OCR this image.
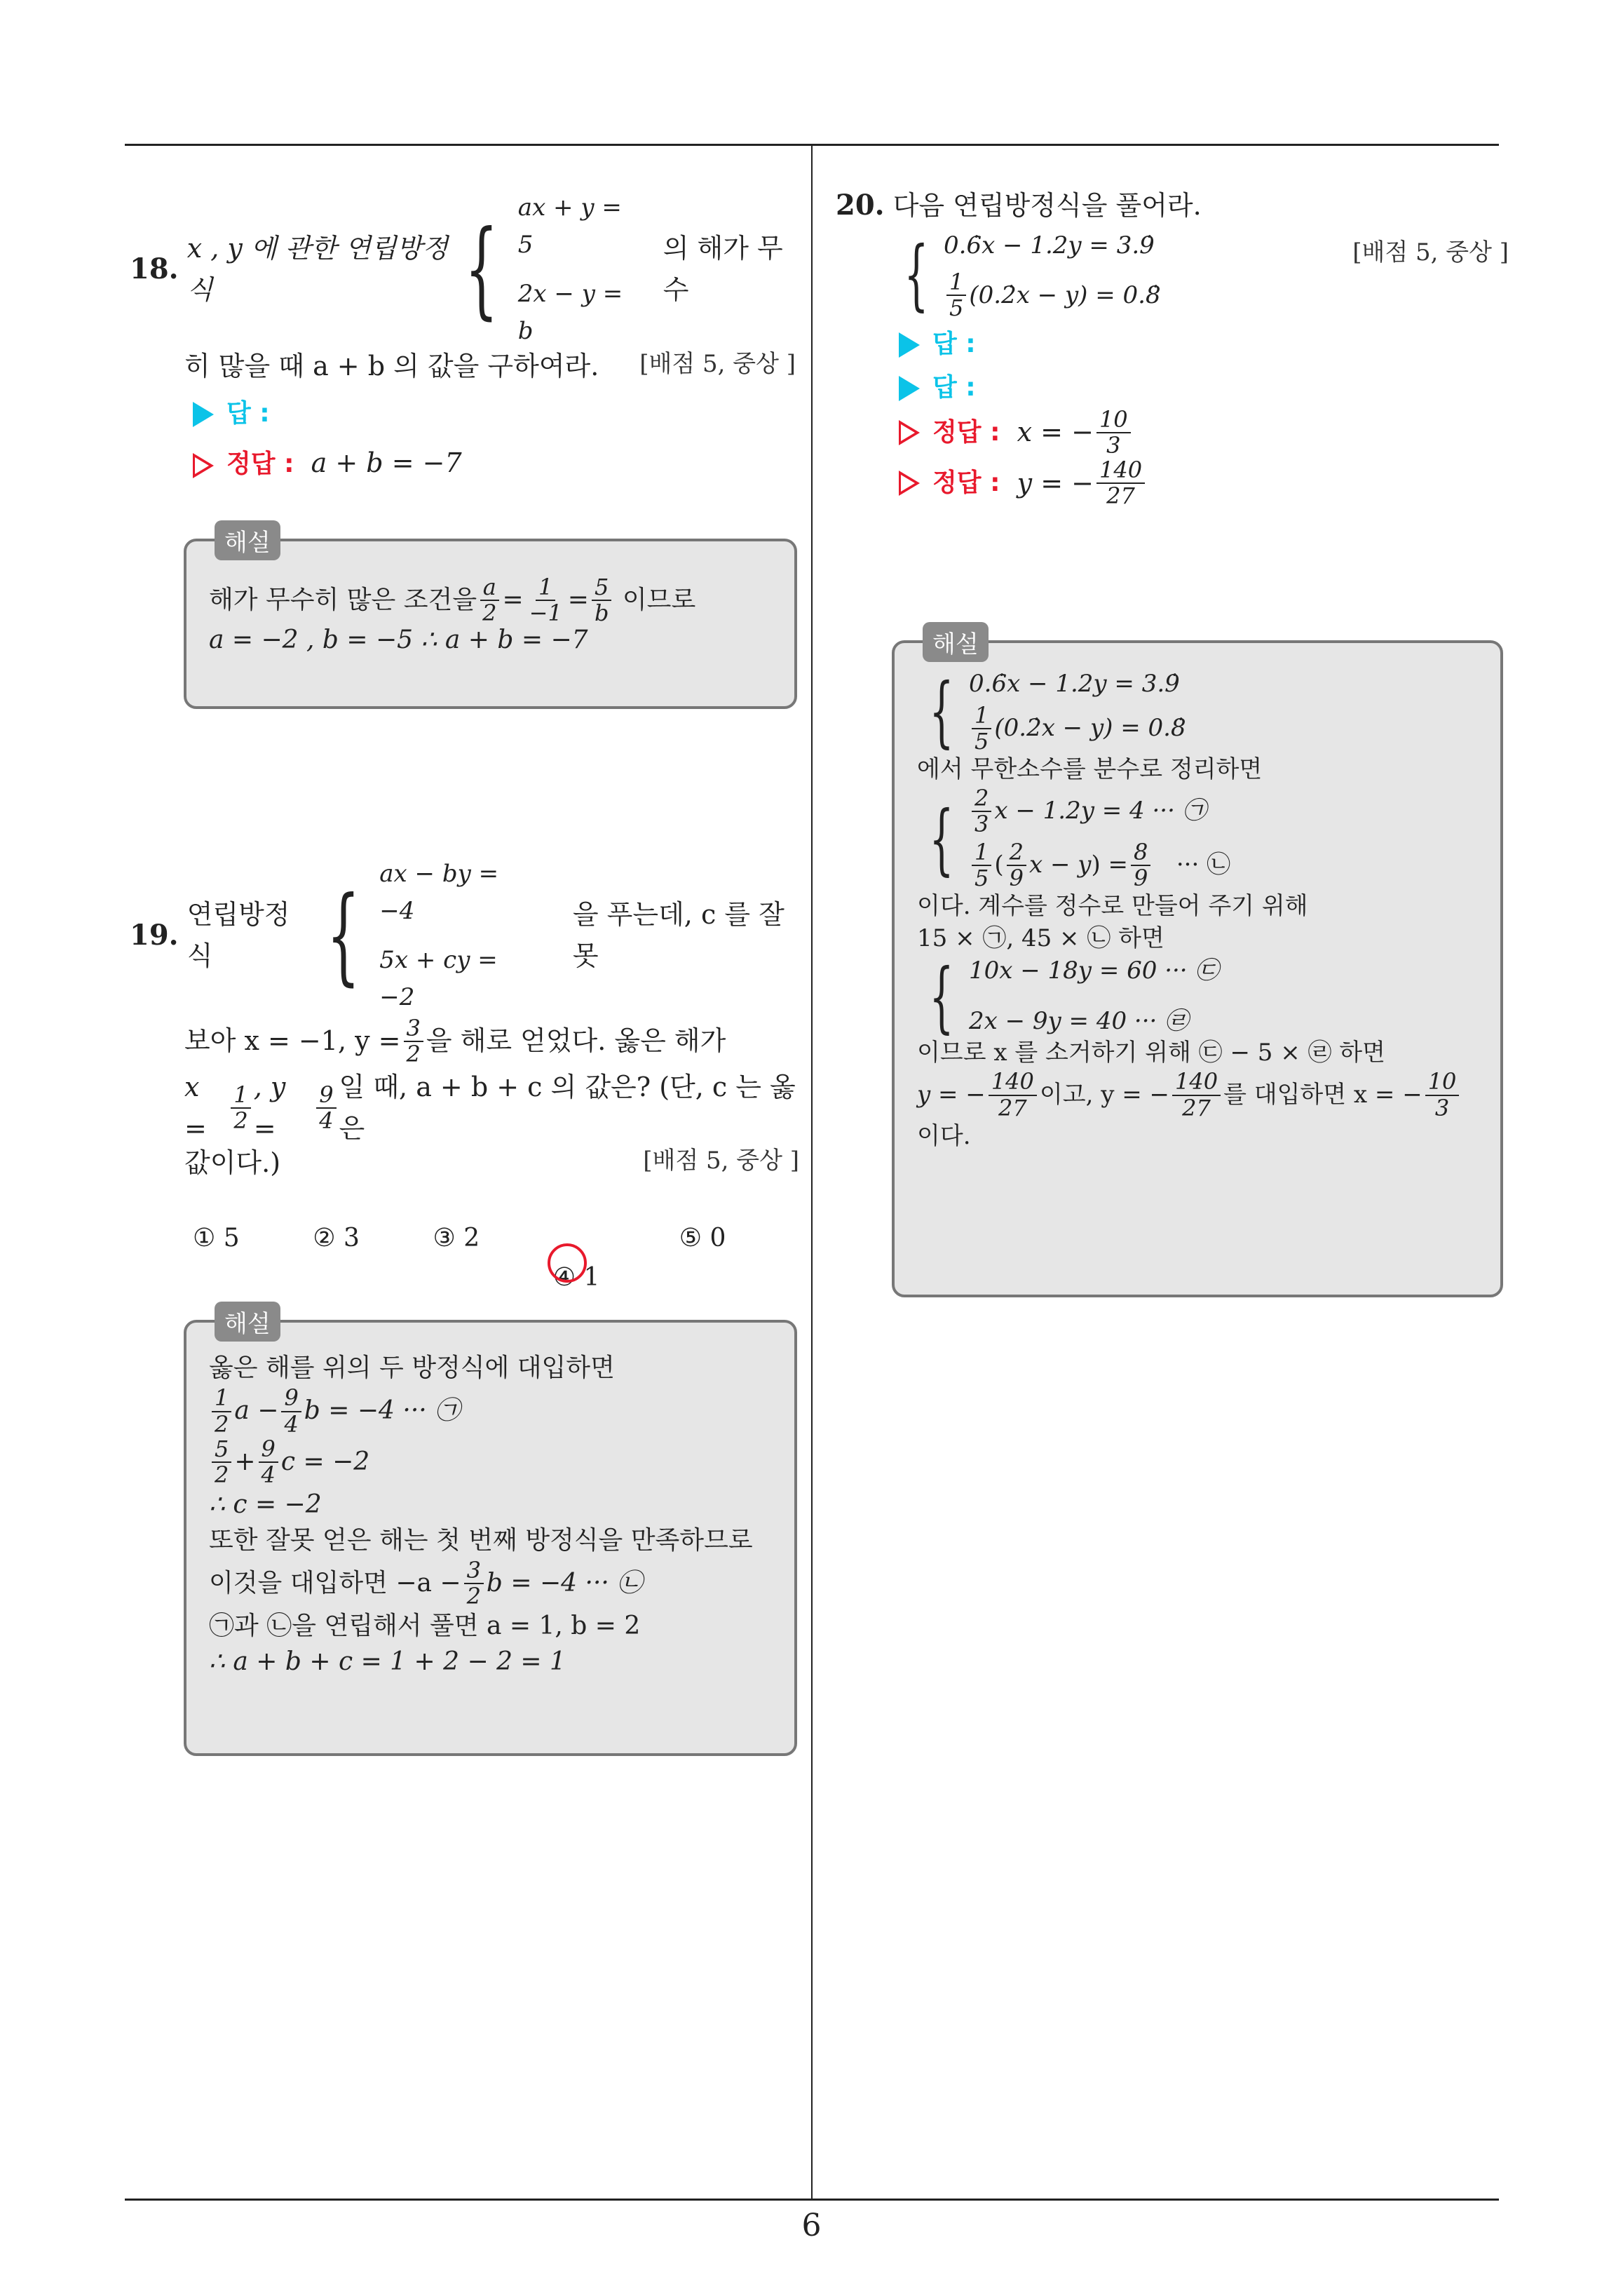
18.

x , y 에 관한 연립방정식	{
ax + y = 5
2x − y = b
의 해가 무수
히 많을 때 a + b 의 값을 구하여라. [배점 5, 중상 ]
답 :
정답 : a + b = −7
해설
해가 무수히 많은 조건을 $\frac{a}{2} = \frac{1}{-1} = \frac{5}{b}$
이므로
a = −2 , b = −5 ∴ a + b = −7
19.

연립방정식	{
ax − by = −4
5x + cy = −2
을 푸는데, c 를 잘못
보아 x = −1, $y = \frac{3}{2}$ 을 해로 얻었다. 옳은 해가
x =	$\frac{1}{2}$ , y =	$\frac{9}{4}$ 일 때, a + b + c 의 값은? (단, c 는 옳은
값이다.)	[배점 5, 중상 ]
① 5	② 3	③ 2
④ 1
⑤ 0
해설
옳은 해를 위의 두 방정식에 대입하면
$\frac{1}{2}$ $a - \frac{9}{4}$ b = −4 ··· ㉠
$\frac{5}{2} + \frac{9}{4}$ c = −2
∴ c = −2
또한 잘못 얻은 해는 첫 번째 방정식을 만족하므로
이것을 대입하면 $-a - \frac{3}{2}$ b = −4 ··· ㉡
㉠과 ㉡을 연립해서 풀면 a = 1, b = 2
∴ a + b + c = 1 + 2 − 2 = 1
20. 다음 연립방정식을 풀어라.
{ 0.6̇x − 1.2y = 3.9̇
$\frac{1}{5}$ (0.2̇x − y) = 0.8̇
[배점 5, 중상 ]
답 :
답 :
정답 :
x = − $\frac{10}{3}$
정답 :
y = − $\frac{140}{27}$
해설
{ 0.6̇x − 1.2y = 3.9̇
$\frac{1}{5}$ (0.2̇x − y) = 0.8̇
에서 무한소수를 분수로 정리하면
{ $\frac{2}{3}$ x − 1.2y = 4 ··· ㉠
$\frac{1}{5}$ ( $\frac{2}{9}$ x − y ) = $\frac{8}{9}$
··· ㉡
이다. 계수를 정수로 만들어 주기 위해
15 × ㉠, 45 × ㉡ 하면
{ 10x − 18y = 60 ··· ㉢
2x − 9y = 40 ··· ㉣
이므로 x 를 소거하기 위해 ㉢ − 5 × ㉣ 하면
y = − $\frac{140}{27}$ 이고, y = − $\frac{140}{27}$ 를 대입하면 x = − $\frac{10}{3}$
이다.
6
